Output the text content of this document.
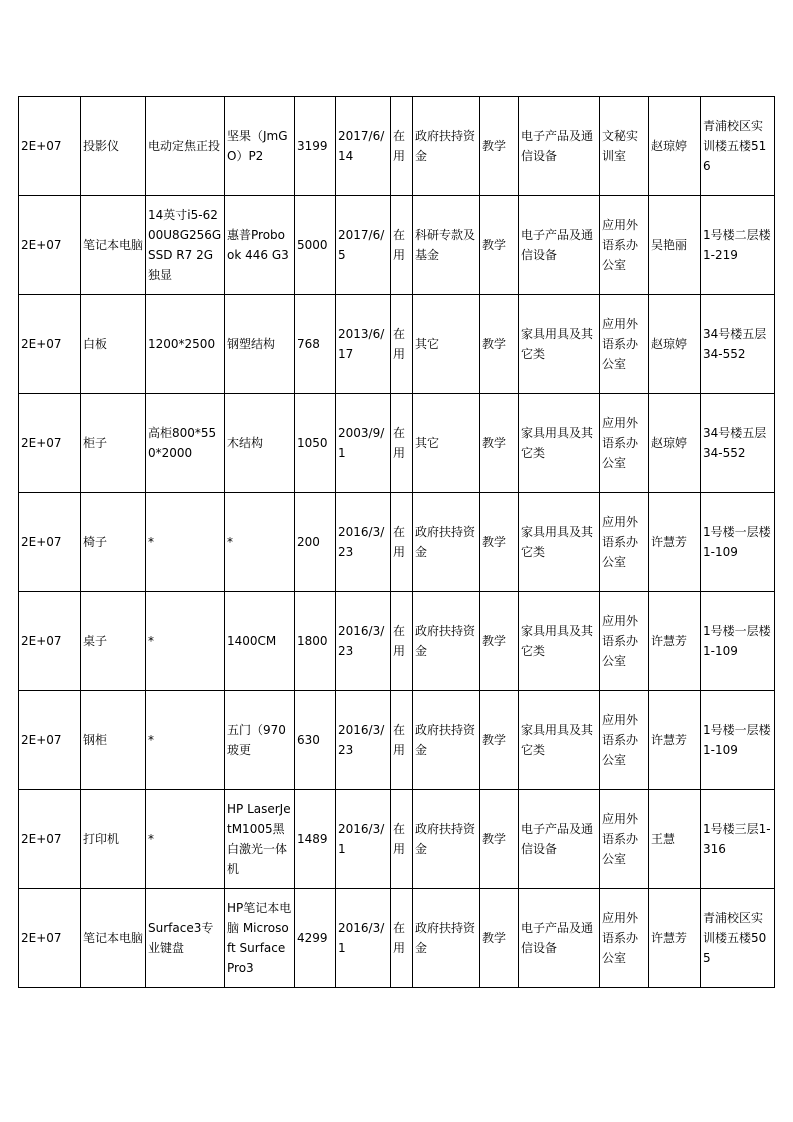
2E+07	投影仪	电动定焦正投	坚果（JmGO）P2	3199	2017/6/14	在用	政府扶持资金	教学	电子产品及通信设备	文秘实训室	赵琼婷	青浦校区实训楼五楼516
2E+07	笔记本电脑	14英寸i5-6200U8G256GSSD R7 2G独显	惠普Probook 446 G3	5000	2017/6/5	在用	科研专款及基金	教学	电子产品及通信设备	应用外语系办公室	吴艳丽	1号楼二层楼1-219
2E+07	白板	1200*2500	钢塑结构	768	2013/6/17	在用	其它	教学	家具用具及其它类	应用外语系办公室	赵琼婷	34号楼五层34-552
2E+07	柜子	高柜800*550*2000	木结构	1050	2003/9/1	在用	其它	教学	家具用具及其它类	应用外语系办公室	赵琼婷	34号楼五层34-552
2E+07	椅子	*	*	200	2016/3/23	在用	政府扶持资金	教学	家具用具及其它类	应用外语系办公室	许慧芳	1号楼一层楼1-109
2E+07	桌子	*	1400CM	1800	2016/3/23	在用	政府扶持资金	教学	家具用具及其它类	应用外语系办公室	许慧芳	1号楼一层楼1-109
2E+07	钢柜	*	五门（970玻更	630	2016/3/23	在用	政府扶持资金	教学	家具用具及其它类	应用外语系办公室	许慧芳	1号楼一层楼1-109
2E+07	打印机	*	HP LaserJetM1005黑白激光一体机	1489	2016/3/1	在用	政府扶持资金	教学	电子产品及通信设备	应用外语系办公室	王慧	1号楼三层1-316
2E+07	笔记本电脑	Surface3专业键盘	HP笔记本电脑 Microsoft SurfacePro3	4299	2016/3/1	在用	政府扶持资金	教学	电子产品及通信设备	应用外语系办公室	许慧芳	青浦校区实训楼五楼505
